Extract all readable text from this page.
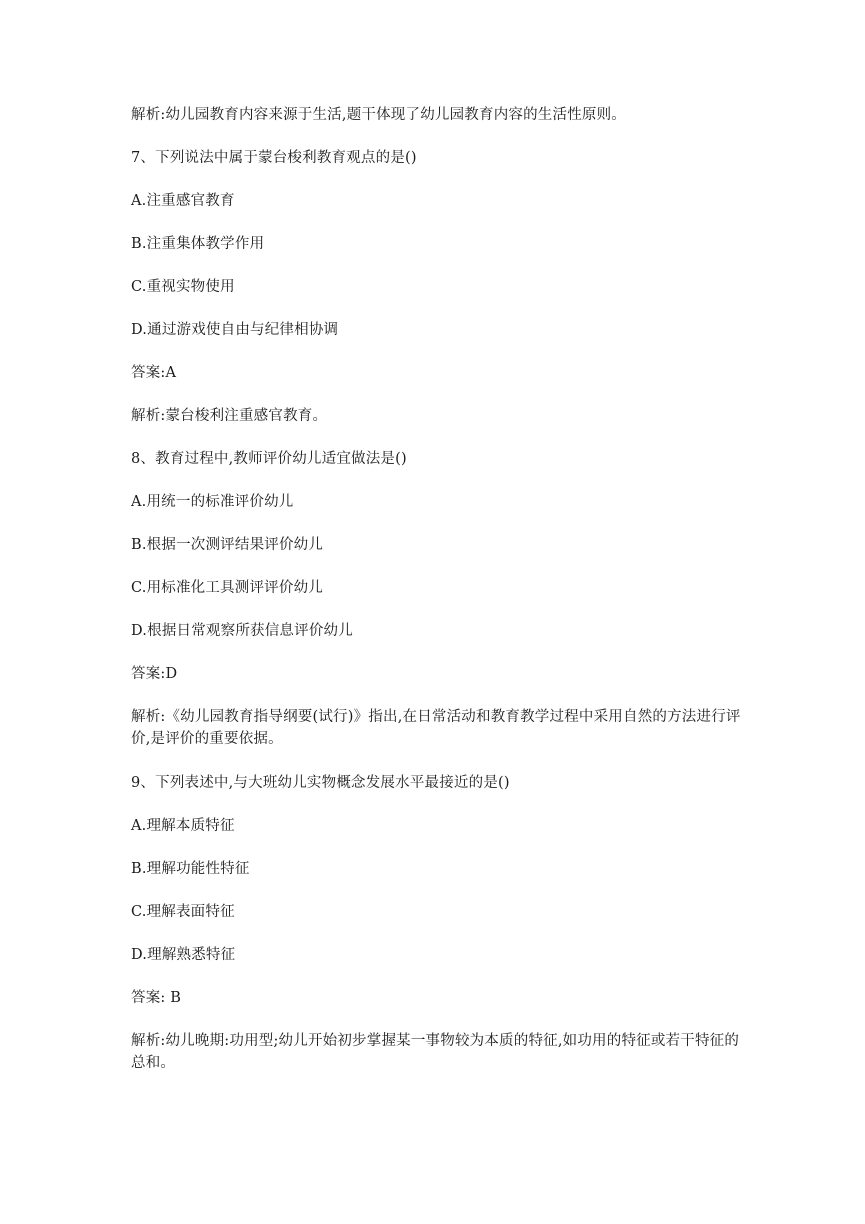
解析:幼儿园教育内容来源于生活,题干体现了幼儿园教育内容的生活性原则。
7、下列说法中属于蒙台梭利教育观点的是()
A.注重感官教育
B.注重集体教学作用
C.重视实物使用
D.通过游戏使自由与纪律相协调
答案:A
解析:蒙台梭利注重感官教育。
8、教育过程中,教师评价幼儿适宜做法是()
A.用统一的标准评价幼儿
B.根据一次测评结果评价幼儿
C.用标准化工具测评评价幼儿
D.根据日常观察所获信息评价幼儿
答案:D
解析:《幼儿园教育指导纲要(试行)》指出,在日常活动和教育教学过程中采用自然的方法进行评价,是评价的重要依据。
9、下列表述中,与大班幼儿实物概念发展水平最接近的是()
A.理解本质特征
B.理解功能性特征
C.理解表面特征
D.理解熟悉特征
答案: B
解析:幼儿晚期:功用型;幼儿开始初步掌握某一事物较为本质的特征,如功用的特征或若干特征的总和。
